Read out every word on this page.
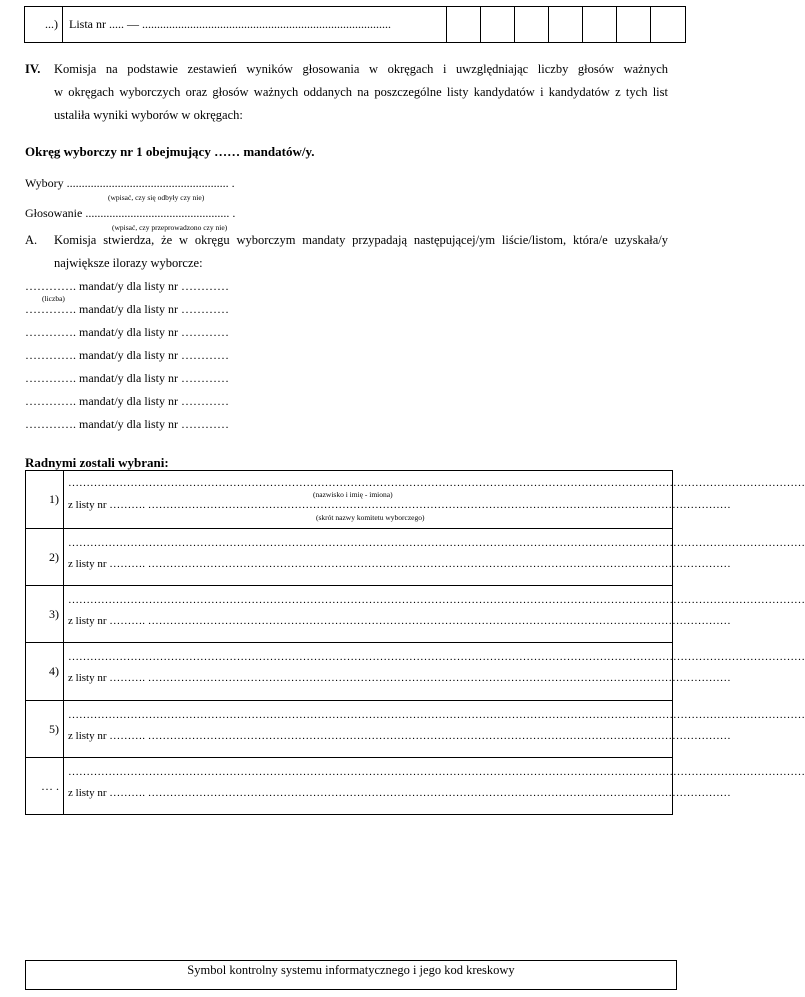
...) Lista nr ..... — ...................................................................................
IV. Komisja na podstawie zestawień wyników głosowania w okręgach i uwzględniając liczby głosów ważnych
w okręgach wyborczych oraz głosów ważnych oddanych na poszczególne listy kandydatów i kandydatów z tych list
ustaliła wyniki wyborów w okręgach:
Okręg wyborczy nr 1 obejmujący …… mandatów/y.
Wybory ...................................................... .
(wpisać, czy się odbyły czy nie)
Głosowanie ................................................ .
(wpisać, czy przeprowadzono czy nie)
A. Komisja stwierdza, że w okręgu wyborczym mandaty przypadają następującej/ym liście/listom, która/e uzyskała/y
największe ilorazy wyborcze:
…………. mandat/y dla listy nr …………
(liczba)
…………. mandat/y dla listy nr …………
…………. mandat/y dla listy nr …………
…………. mandat/y dla listy nr …………
…………. mandat/y dla listy nr …………
…………. mandat/y dla listy nr …………
…………. mandat/y dla listy nr …………
Radnymi zostali wybrani:
1)
…………………………………………………………………………………………………………………………………………………………………………………
(nazwisko i imię - imiona)
z listy nr ………. ……………………………………………………………………………………………………………………………………………
(skrót nazwy komitetu wyborczego)
2)
…………………………………………………………………………………………………………………………………………………………………………………
z listy nr ………. ……………………………………………………………………………………………………………………………………………
3)
…………………………………………………………………………………………………………………………………………………………………………………
z listy nr ………. ……………………………………………………………………………………………………………………………………………
4)
…………………………………………………………………………………………………………………………………………………………………………………
z listy nr ………. ……………………………………………………………………………………………………………………………………………
5)
…………………………………………………………………………………………………………………………………………………………………………………
z listy nr ………. ……………………………………………………………………………………………………………………………………………
… .
…………………………………………………………………………………………………………………………………………………………………………………
z listy nr ………. ……………………………………………………………………………………………………………………………………………
Symbol kontrolny systemu informatycznego i jego kod kreskowy
